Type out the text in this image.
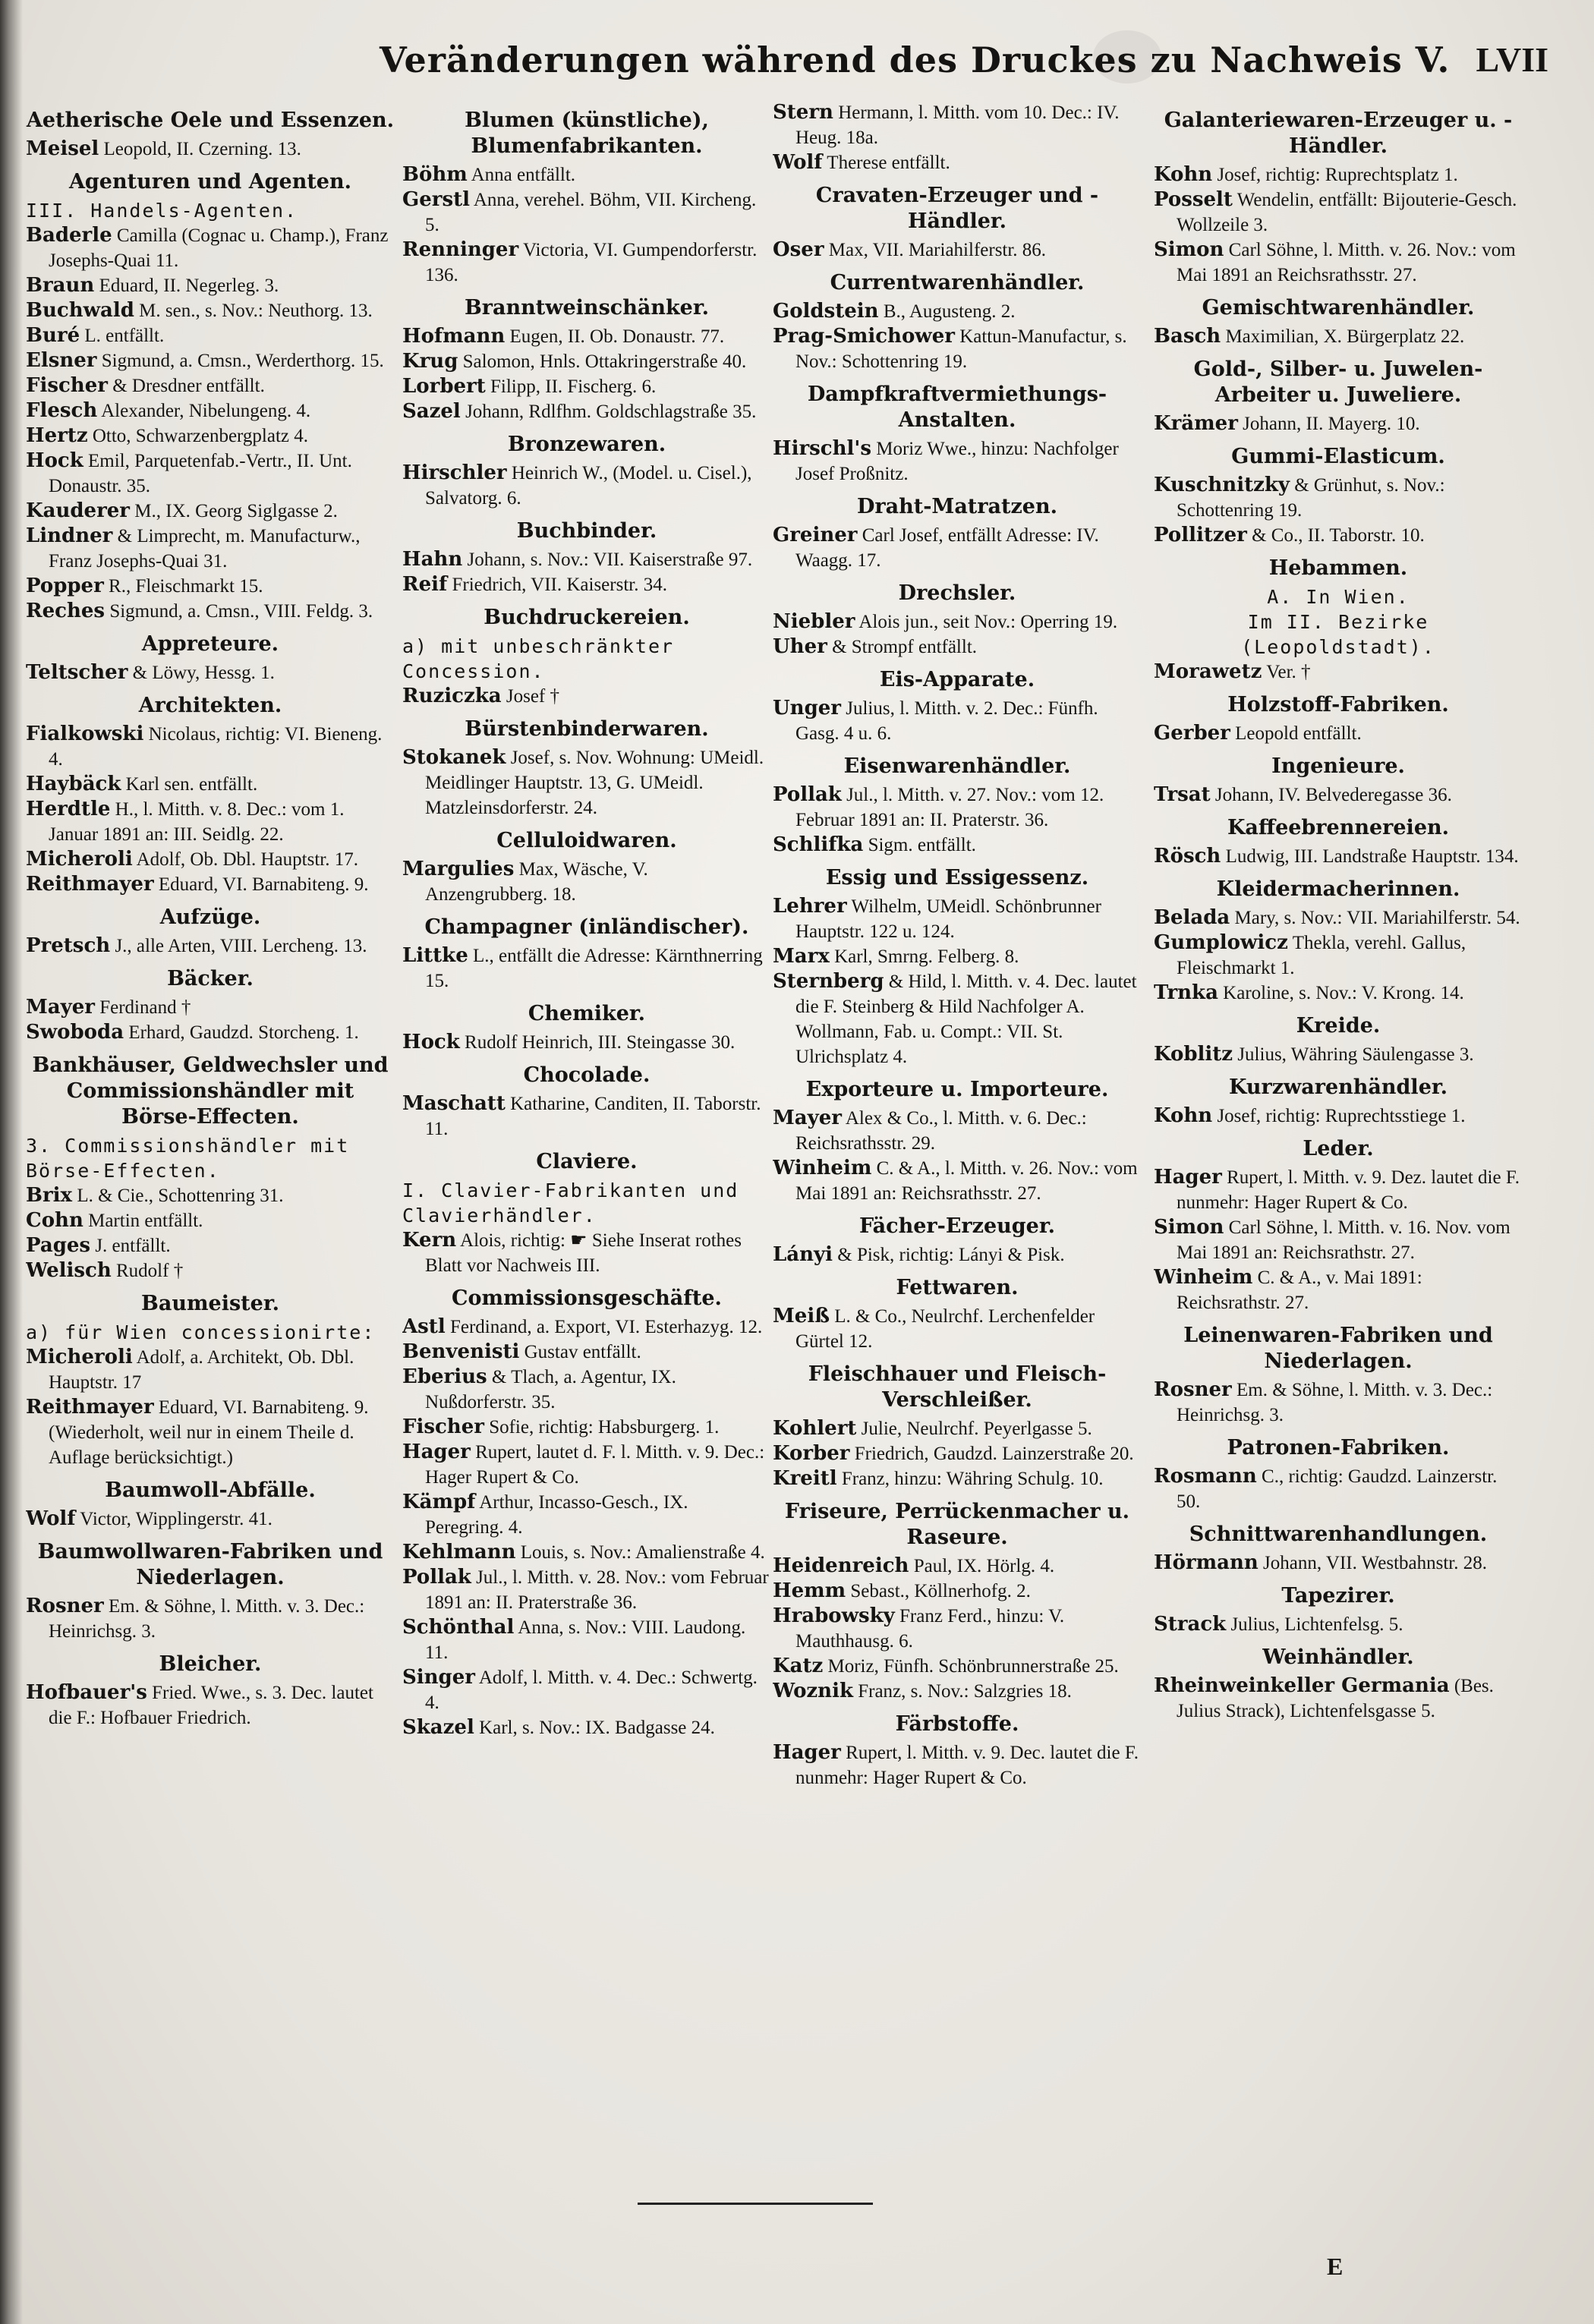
Veränderungen während des Druckes zu Nachweis V. LVII
Aetherische Oele und Essenzen.
Meisel Leopold, II. Czerning. 13.
Agenturen und Agenten.
III. Handels-Agenten.
Baderle Camilla (Cognac u. Champ.), Franz Josephs-Quai 11.
Braun Eduard, II. Negerleg. 3.
Buchwald M. sen., s. Nov.: Neuthorg. 13.
Buré L. entfällt.
Elsner Sigmund, a. Cmsn., Werderthorg. 15.
Fischer & Dresdner entfällt.
Flesch Alexander, Nibelungeng. 4.
Hertz Otto, Schwarzenbergplatz 4.
Hock Emil, Parquetenfab.-Vertr., II. Unt. Donaustr. 35.
Kauderer M., IX. Georg Siglgasse 2.
Lindner & Limprecht, m. Manufacturw., Franz Josephs-Quai 31.
Popper R., Fleischmarkt 15.
Reches Sigmund, a. Cmsn., VIII. Feldg. 3.
Appreteure.
Teltscher & Löwy, Hessg. 1.
Architekten.
Fialkowski Nicolaus, richtig: VI. Bieneng. 4.
Haybäck Karl sen. entfällt.
Herdtle H., l. Mitth. v. 8. Dec.: vom 1. Januar 1891 an: III. Seidlg. 22.
Micheroli Adolf, Ob. Dbl. Hauptstr. 17.
Reithmayer Eduard, VI. Barnabiteng. 9.
Aufzüge.
Pretsch J., alle Arten, VIII. Lercheng. 13.
Bäcker.
Mayer Ferdinand †
Swoboda Erhard, Gaudzd. Storcheng. 1.
Bankhäuser, Geldwechsler und Commissionshändler mit Börse-Effecten.
3. Commissionshändler mit Börse-Effecten.
Brix L. & Cie., Schottenring 31.
Cohn Martin entfällt.
Pages J. entfällt.
Welisch Rudolf †
Baumeister.
a) für Wien concessionirte:
Micheroli Adolf, a. Architekt, Ob. Dbl. Hauptstr. 17
Reithmayer Eduard, VI. Barnabiteng. 9. (Wiederholt, weil nur in einem Theile d. Auflage berücksichtigt.)
Baumwoll-Abfälle.
Wolf Victor, Wipplingerstr. 41.
Baumwollwaren-Fabriken und Niederlagen.
Rosner Em. & Söhne, l. Mitth. v. 3. Dec.: Heinrichsg. 3.
Bleicher.
Hofbauer's Fried. Wwe., s. 3. Dec. lautet die F.: Hofbauer Friedrich.
Blumen (künstliche), Blumenfabrikanten.
Böhm Anna entfällt.
Gerstl Anna, verehel. Böhm, VII. Kircheng. 5.
Renninger Victoria, VI. Gumpendorferstr. 136.
Branntweinschänker.
Hofmann Eugen, II. Ob. Donaustr. 77.
Krug Salomon, Hnls. Ottakringerstraße 40.
Lorbert Filipp, II. Fischerg. 6.
Sazel Johann, Rdlfhm. Goldschlagstraße 35.
Bronzewaren.
Hirschler Heinrich W., (Model. u. Cisel.), Salvatorg. 6.
Buchbinder.
Hahn Johann, s. Nov.: VII. Kaiserstraße 97.
Reif Friedrich, VII. Kaiserstr. 34.
Buchdruckereien.
a) mit unbeschränkter Concession.
Ruziczka Josef †
Bürstenbinderwaren.
Stokanek Josef, s. Nov. Wohnung: UMeidl. Meidlinger Hauptstr. 13, G. UMeidl. Matzleinsdorferstr. 24.
Celluloidwaren.
Margulies Max, Wäsche, V. Anzengrubberg. 18.
Champagner (inländischer).
Littke L., entfällt die Adresse: Kärnthnerring 15.
Chemiker.
Hock Rudolf Heinrich, III. Steingasse 30.
Chocolade.
Maschatt Katharine, Canditen, II. Taborstr. 11.
Claviere.
I. Clavier-Fabrikanten und Clavierhändler.
Kern Alois, richtig: ☛ Siehe Inserat rothes Blatt vor Nachweis III.
Commissionsgeschäfte.
Astl Ferdinand, a. Export, VI. Esterhazyg. 12.
Benvenisti Gustav entfällt.
Eberius & Tlach, a. Agentur, IX. Nußdorferstr. 35.
Fischer Sofie, richtig: Habsburgerg. 1.
Hager Rupert, lautet d. F. l. Mitth. v. 9. Dec.: Hager Rupert & Co.
Kämpf Arthur, Incasso-Gesch., IX. Peregring. 4.
Kehlmann Louis, s. Nov.: Amalienstraße 4.
Pollak Jul., l. Mitth. v. 28. Nov.: vom Februar 1891 an: II. Praterstraße 36.
Schönthal Anna, s. Nov.: VIII. Laudong. 11.
Singer Adolf, l. Mitth. v. 4. Dec.: Schwertg. 4.
Skazel Karl, s. Nov.: IX. Badgasse 24.
Stern Hermann, l. Mitth. vom 10. Dec.: IV. Heug. 18a.
Wolf Therese entfällt.
Cravaten-Erzeuger und -Händler.
Oser Max, VII. Mariahilferstr. 86.
Currentwarenhändler.
Goldstein B., Augusteng. 2.
Prag-Smichower Kattun-Manufactur, s. Nov.: Schottenring 19.
Dampfkraftvermiethungs-Anstalten.
Hirschl's Moriz Wwe., hinzu: Nachfolger Josef Proßnitz.
Draht-Matratzen.
Greiner Carl Josef, entfällt Adresse: IV. Waagg. 17.
Drechsler.
Niebler Alois jun., seit Nov.: Operring 19.
Uher & Strompf entfällt.
Eis-Apparate.
Unger Julius, l. Mitth. v. 2. Dec.: Fünfh. Gasg. 4 u. 6.
Eisenwarenhändler.
Pollak Jul., l. Mitth. v. 27. Nov.: vom 12. Februar 1891 an: II. Praterstr. 36.
Schlifka Sigm. entfällt.
Essig und Essigessenz.
Lehrer Wilhelm, UMeidl. Schönbrunner Hauptstr. 122 u. 124.
Marx Karl, Smrng. Felberg. 8.
Sternberg & Hild, l. Mitth. v. 4. Dec. lautet die F. Steinberg & Hild Nachfolger A. Wollmann, Fab. u. Compt.: VII. St. Ulrichsplatz 4.
Exporteure u. Importeure.
Mayer Alex & Co., l. Mitth. v. 6. Dec.: Reichsrathsstr. 29.
Winheim C. & A., l. Mitth. v. 26. Nov.: vom Mai 1891 an: Reichsrathsstr. 27.
Fächer-Erzeuger.
Lányi & Pisk, richtig: Lányi & Pisk.
Fettwaren.
Meiß L. & Co., Neulrchf. Lerchenfelder Gürtel 12.
Fleischhauer und Fleisch-Verschleißer.
Kohlert Julie, Neulrchf. Peyerlgasse 5.
Korber Friedrich, Gaudzd. Lainzerstraße 20.
Kreitl Franz, hinzu: Währing Schulg. 10.
Friseure, Perrückenmacher u. Raseure.
Heidenreich Paul, IX. Hörlg. 4.
Hemm Sebast., Köllnerhofg. 2.
Hrabowsky Franz Ferd., hinzu: V. Mauthhausg. 6.
Katz Moriz, Fünfh. Schönbrunnerstraße 25.
Woznik Franz, s. Nov.: Salzgries 18.
Färbstoffe.
Hager Rupert, l. Mitth. v. 9. Dec. lautet die F. nunmehr: Hager Rupert & Co.
Galanteriewaren-Erzeuger u. -Händler.
Kohn Josef, richtig: Ruprechtsplatz 1.
Posselt Wendelin, entfällt: Bijouterie-Gesch. Wollzeile 3.
Simon Carl Söhne, l. Mitth. v. 26. Nov.: vom Mai 1891 an Reichsrathsstr. 27.
Gemischtwarenhändler.
Basch Maximilian, X. Bürgerplatz 22.
Gold-, Silber- u. Juwelen-Arbeiter u. Juweliere.
Krämer Johann, II. Mayerg. 10.
Gummi-Elasticum.
Kuschnitzky & Grünhut, s. Nov.: Schottenring 19.
Pollitzer & Co., II. Taborstr. 10.
Hebammen.
A. In Wien.
Im II. Bezirke (Leopoldstadt).
Morawetz Ver. †
Holzstoff-Fabriken.
Gerber Leopold entfällt.
Ingenieure.
Trsat Johann, IV. Belvederegasse 36.
Kaffeebrennereien.
Rösch Ludwig, III. Landstraße Hauptstr. 134.
Kleidermacherinnen.
Belada Mary, s. Nov.: VII. Mariahilferstr. 54.
Gumplowicz Thekla, verehl. Gallus, Fleischmarkt 1.
Trnka Karoline, s. Nov.: V. Krong. 14.
Kreide.
Koblitz Julius, Währing Säulengasse 3.
Kurzwarenhändler.
Kohn Josef, richtig: Ruprechtsstiege 1.
Leder.
Hager Rupert, l. Mitth. v. 9. Dez. lautet die F. nunmehr: Hager Rupert & Co.
Simon Carl Söhne, l. Mitth. v. 16. Nov. vom Mai 1891 an: Reichsrathstr. 27.
Winheim C. & A., v. Mai 1891: Reichsrathstr. 27.
Leinenwaren-Fabriken und Niederlagen.
Rosner Em. & Söhne, l. Mitth. v. 3. Dec.: Heinrichsg. 3.
Patronen-Fabriken.
Rosmann C., richtig: Gaudzd. Lainzerstr. 50.
Schnittwarenhandlungen.
Hörmann Johann, VII. Westbahnstr. 28.
Tapezirer.
Strack Julius, Lichtenfelsg. 5.
Weinhändler.
Rheinweinkeller Germania (Bes. Julius Strack), Lichtenfelsgasse 5.
E
